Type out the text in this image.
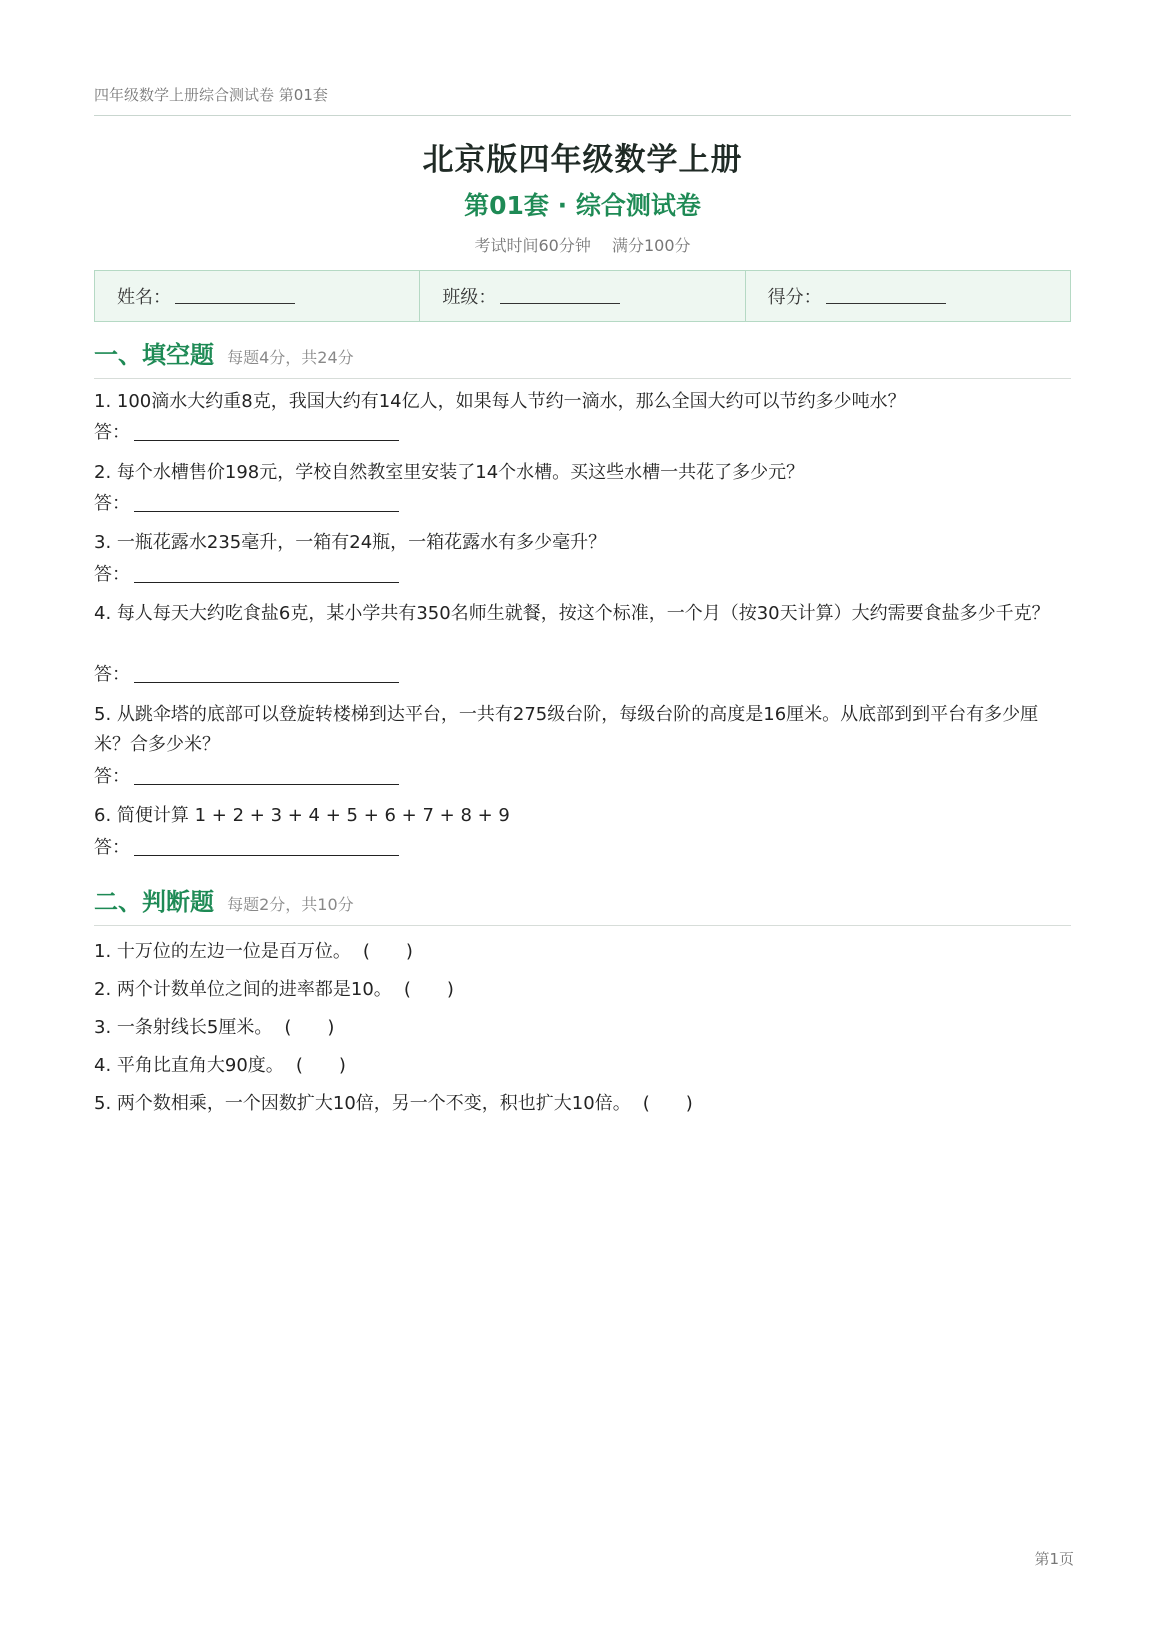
四年级数学上册综合测试卷 第01套
北京版四年级数学上册
第01套 · 综合测试卷
考试时间60分钟 满分100分
姓名：	班级：	得分：
一、填空题 每题4分，共24分
1. 100滴水大约重8克，我国大约有14亿人，如果每人节约一滴水，那么全国大约可以节约多少吨水？
答：
2. 每个水槽售价198元，学校自然教室里安装了14个水槽。买这些水槽一共花了多少元？
答：
3. 一瓶花露水235毫升，一箱有24瓶，一箱花露水有多少毫升？
答：
4. 每人每天大约吃食盐6克，某小学共有350名师生就餐，按这个标准，一个月（按30天计算）大约需要食盐多少千克？
答：
5. 从跳伞塔的底部可以登旋转楼梯到达平台，一共有275级台阶，每级台阶的高度是16厘米。从底部到到平台有多少厘米？合多少米？
答：
6. 简便计算 1 + 2 + 3 + 4 + 5 + 6 + 7 + 8 + 9
答：
二、判断题 每题2分，共10分
1. 十万位的左边一位是百万位。 (　　)
2. 两个计数单位之间的进率都是10。 (　　)
3. 一条射线长5厘米。 (　　)
4. 平角比直角大90度。 (　　)
5. 两个数相乘，一个因数扩大10倍，另一个不变，积也扩大10倍。 (　　)
第1页
